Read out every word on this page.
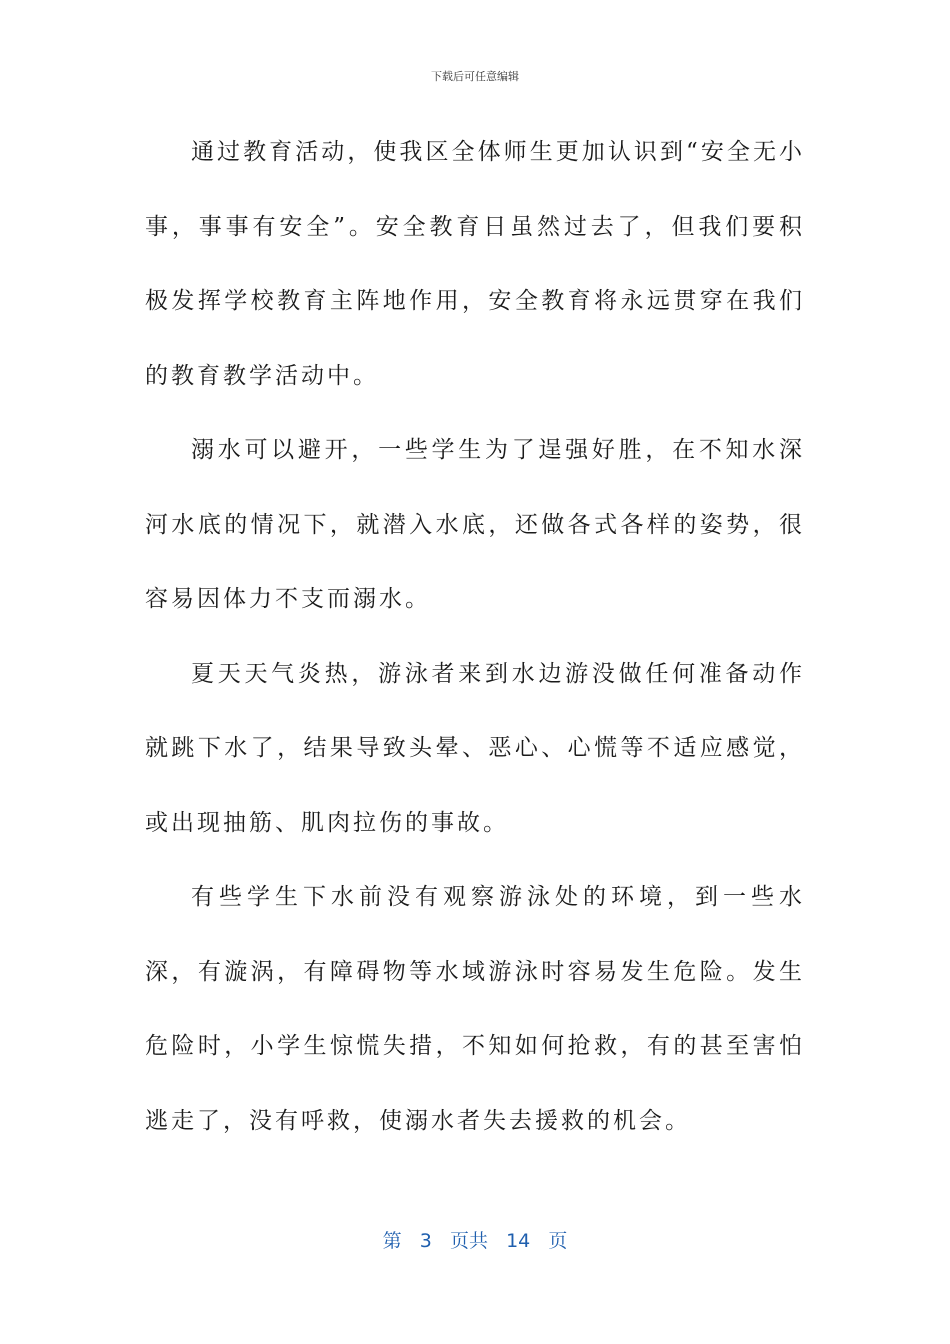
下载后可任意编辑

通过教育活动，使我区全体师生更加认识到“安全无小事，事事有安全”。安全教育日虽然过去了，但我们要积极发挥学校教育主阵地作用，安全教育将永远贯穿在我们的教育教学活动中。

溺水可以避开，一些学生为了逞强好胜，在不知水深河水底的情况下，就潜入水底，还做各式各样的姿势，很容易因体力不支而溺水。

夏天天气炎热，游泳者来到水边游没做任何准备动作就跳下水了，结果导致头晕、恶心、心慌等不适应感觉，或出现抽筋、肌肉拉伤的事故。

有些学生下水前没有观察游泳处的环境，到一些水深，有漩涡，有障碍物等水域游泳时容易发生危险。发生危险时，小学生惊慌失措，不知如何抢救，有的甚至害怕逃走了，没有呼救，使溺水者失去援救的机会。

第 3 页共 14 页
